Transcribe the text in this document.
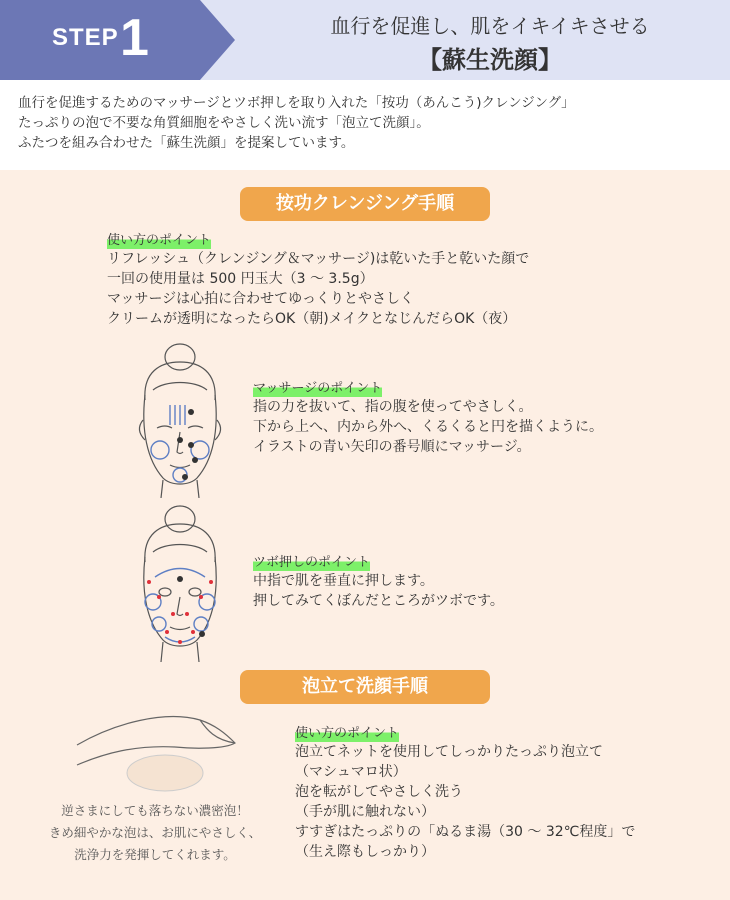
STEP 1	血行を促進し、肌をイキイキさせる
【蘇生洗顔】
血行を促進するためのマッサージとツボ押しを取り入れた「按功（あんこう)クレンジング」
たっぷりの泡で不要な角質細胞をやさしく洗い流す「泡立て洗顔」。
ふたつを組み合わせた「蘇生洗顔」を提案しています。
按功クレンジング手順
使い方のポイント
リフレッシュ（クレンジング＆マッサージ)は乾いた手と乾いた顔で
一回の使用量は 500 円玉大（3 ～ 3.5g）
マッサージは心拍に合わせてゆっくりとやさしく
クリームが透明になったらOK（朝)メイクとなじんだらOK（夜）
マッサージのポイント
指の力を抜いて、指の腹を使ってやさしく。
下から上へ、内から外へ、くるくると円を描くように。
イラストの青い矢印の番号順にマッサージ。
ツボ押しのポイント
中指で肌を垂直に押します。
押してみてくぼんだところがツボです。
泡立て洗顔手順
逆さまにしても落ちない濃密泡！
きめ細やかな泡は、お肌にやさしく、
洗浄力を発揮してくれます。
使い方のポイント
泡立てネットを使用してしっかりたっぷり泡立て
（マシュマロ状）
泡を転がしてやさしく洗う
（手が肌に触れない）
すすぎはたっぷりの「ぬるま湯（30 ～ 32℃程度」で
（生え際もしっかり）
